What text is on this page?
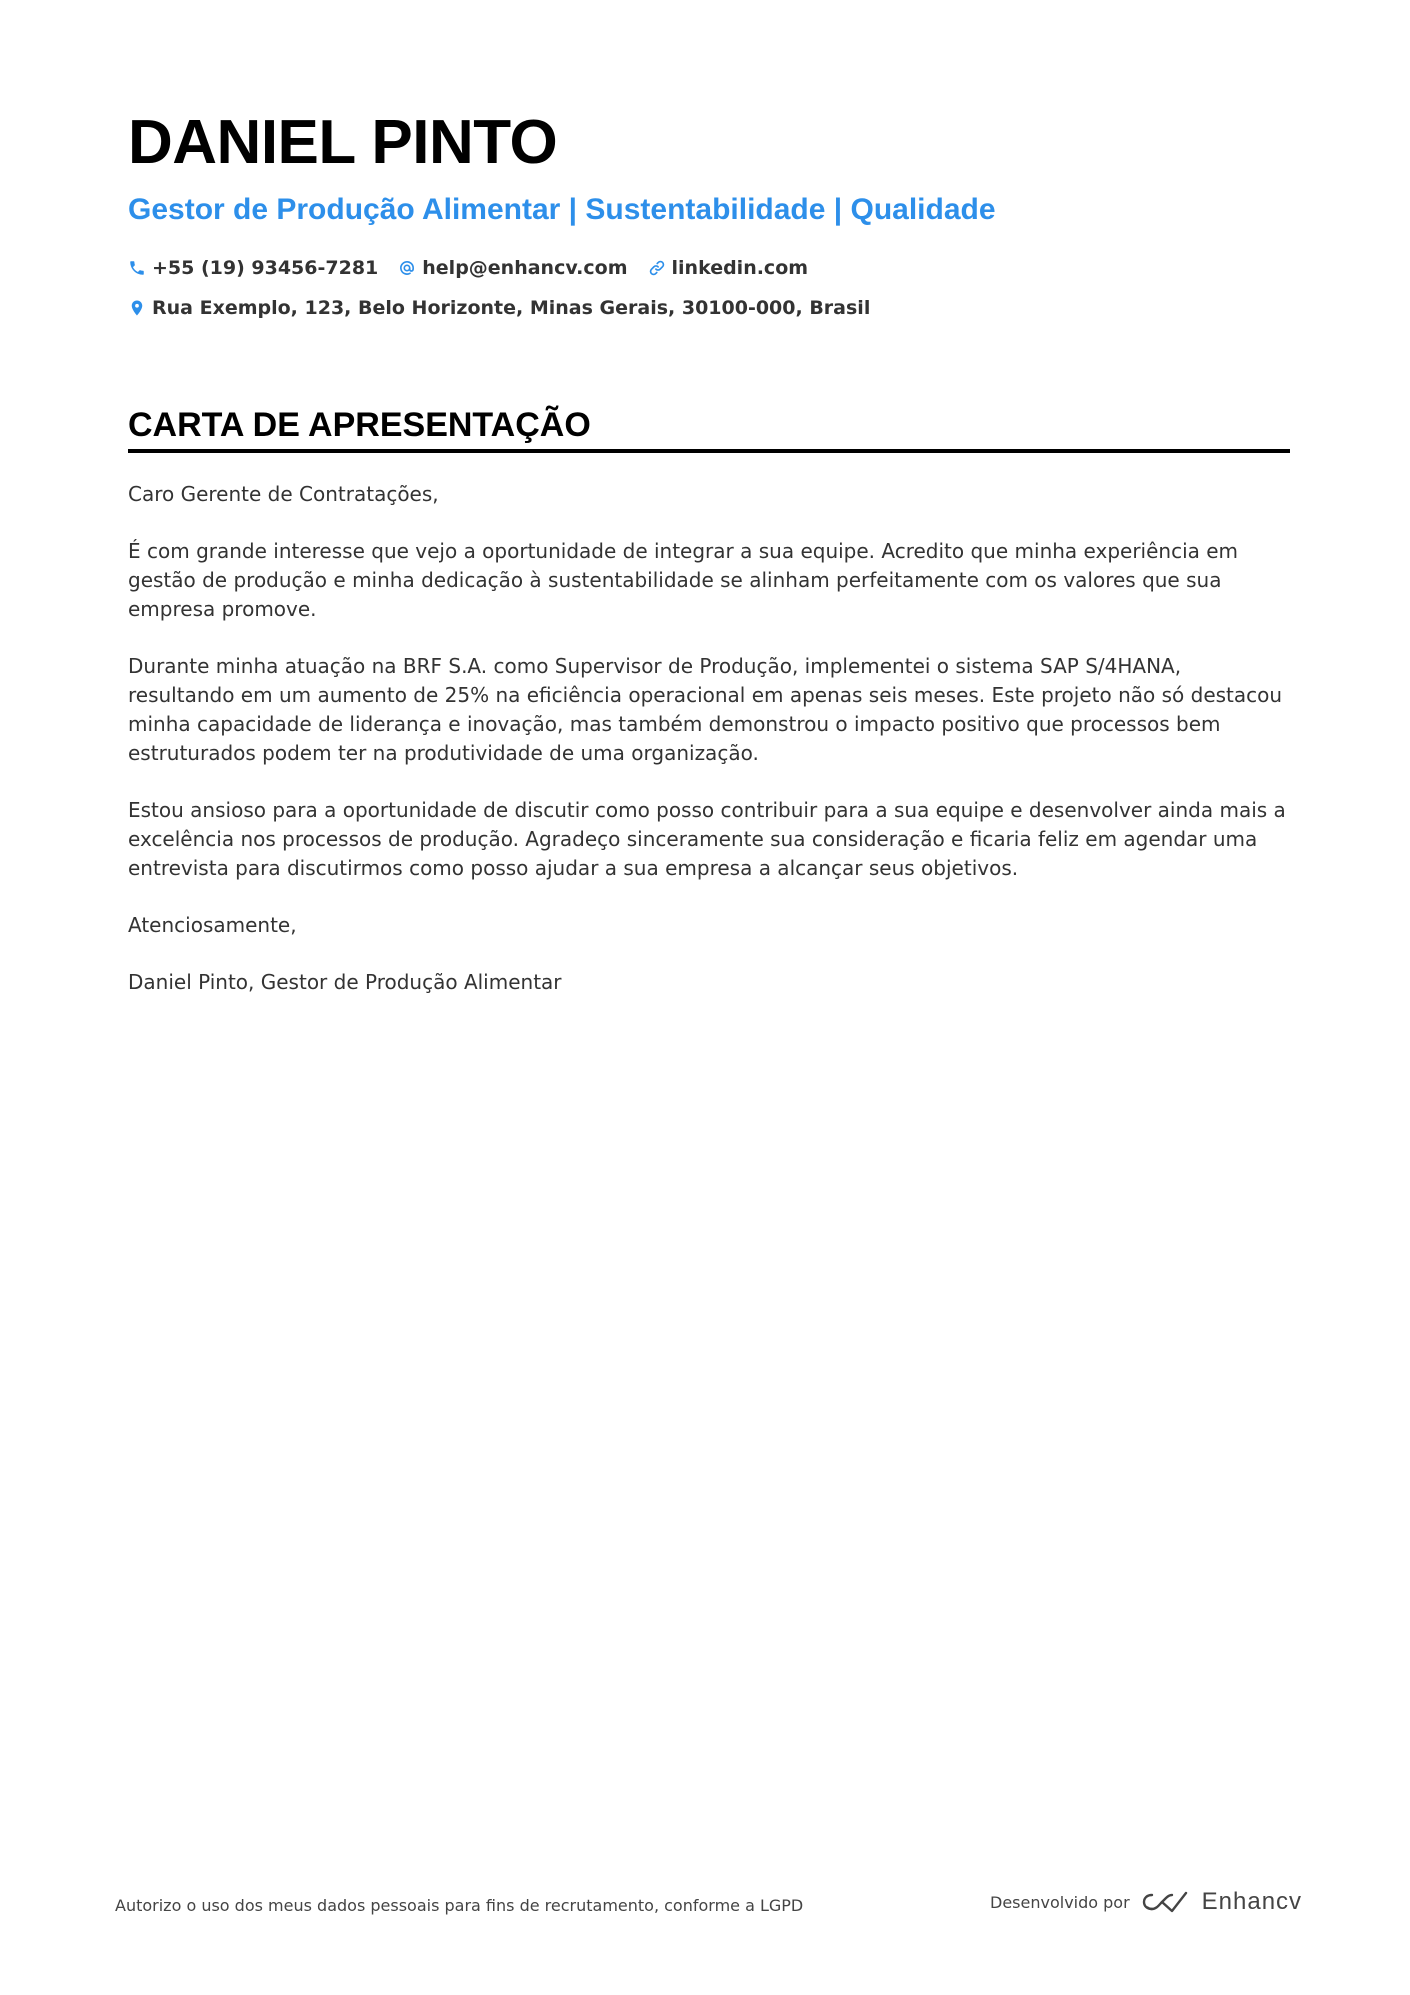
DANIEL PINTO
Gestor de Produção Alimentar | Sustentabilidade | Qualidade
+55 (19) 93456-7281 help@enhancv.com linkedin.com
Rua Exemplo, 123, Belo Horizonte, Minas Gerais, 30100-000, Brasil
CARTA DE APRESENTAÇÃO

Caro Gerente de Contratações,

É com grande interesse que vejo a oportunidade de integrar a sua equipe. Acredito que minha experiência em gestão de produção e minha dedicação à sustentabilidade se alinham perfeitamente com os valores que sua empresa promove.

Durante minha atuação na BRF S.A. como Supervisor de Produção, implementei o sistema SAP S/4HANA, resultando em um aumento de 25% na eficiência operacional em apenas seis meses. Este projeto não só destacou minha capacidade de liderança e inovação, mas também demonstrou o impacto positivo que processos bem estruturados podem ter na produtividade de uma organização.

Estou ansioso para a oportunidade de discutir como posso contribuir para a sua equipe e desenvolver ainda mais a excelência nos processos de produção. Agradeço sinceramente sua consideração e ficaria feliz em agendar uma entrevista para discutirmos como posso ajudar a sua empresa a alcançar seus objetivos.

Atenciosamente,

Daniel Pinto, Gestor de Produção Alimentar

Autorizo o uso dos meus dados pessoais para fins de recrutamento, conforme a LGPD	Desenvolvido por	Enhancv
